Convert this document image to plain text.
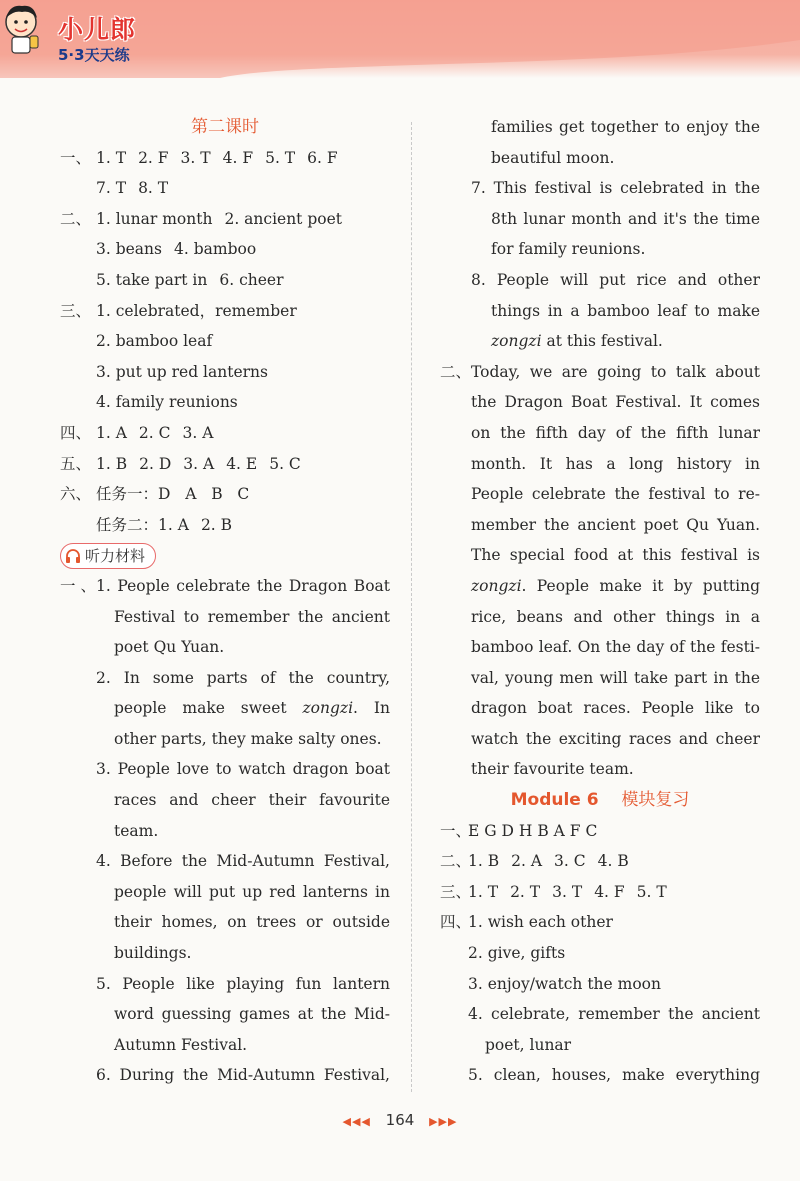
小儿郎
5·3天天练
第二课时
一、 1. T 2. F 3. T 4. F 5. T 6. F
7. T 8. T
二、 1. lunar month 2. ancient poet
3. beans 4. bamboo
5. take part in 6. cheer
三、 1. celebrated，remember
2. bamboo leaf
3. put up red lanterns
4. family reunions
四、 1. A 2. C 3. A
五、 1. B 2. D 3. A 4. E 5. C
六、 任务一：D   A   B   C
任务二：1. A 2. B
听力材料
一、 1. People celebrate the Dragon Boat
Festival to remember the ancient
poet Qu Yuan.
2. In some parts of the country,
people make sweet zongzi. In
other parts, they make salty ones.
3. People love to watch dragon boat
races and cheer their favourite
team.
4. Before the Mid-Autumn Festival,
people will put up red lanterns in
their homes, on trees or outside
buildings.
5. People like playing fun lantern
word guessing games at the Mid-
Autumn Festival.
6. During the Mid-Autumn Festival,
families get together to enjoy the
beautiful moon.
7. This festival is celebrated in the
8th lunar month and it's the time
for family reunions.
8. People will put rice and other
things in a bamboo leaf to make
zongzi at this festival.
二、 Today, we are going to talk about
the Dragon Boat Festival. It comes
on the fifth day of the fifth lunar
month. It has a long history in
People celebrate the festival to re-
member the ancient poet Qu Yuan.
The special food at this festival is
zongzi. People make it by putting
rice, beans and other things in a
bamboo leaf. On the day of the festi-
val, young men will take part in the
dragon boat races. People like to
watch the exciting races and cheer
their favourite team.
Module 6 模块复习
一、E G D H B A F C
二、1. B 2. A 3. C 4. B
三、1. T 2. T 3. T 4. F 5. T
四、1. wish each other
2. give, gifts
3. enjoy/watch the moon
4. celebrate, remember the ancient
poet, lunar
5. clean, houses, make everything
◀◀◀ 164 ▶▶▶
